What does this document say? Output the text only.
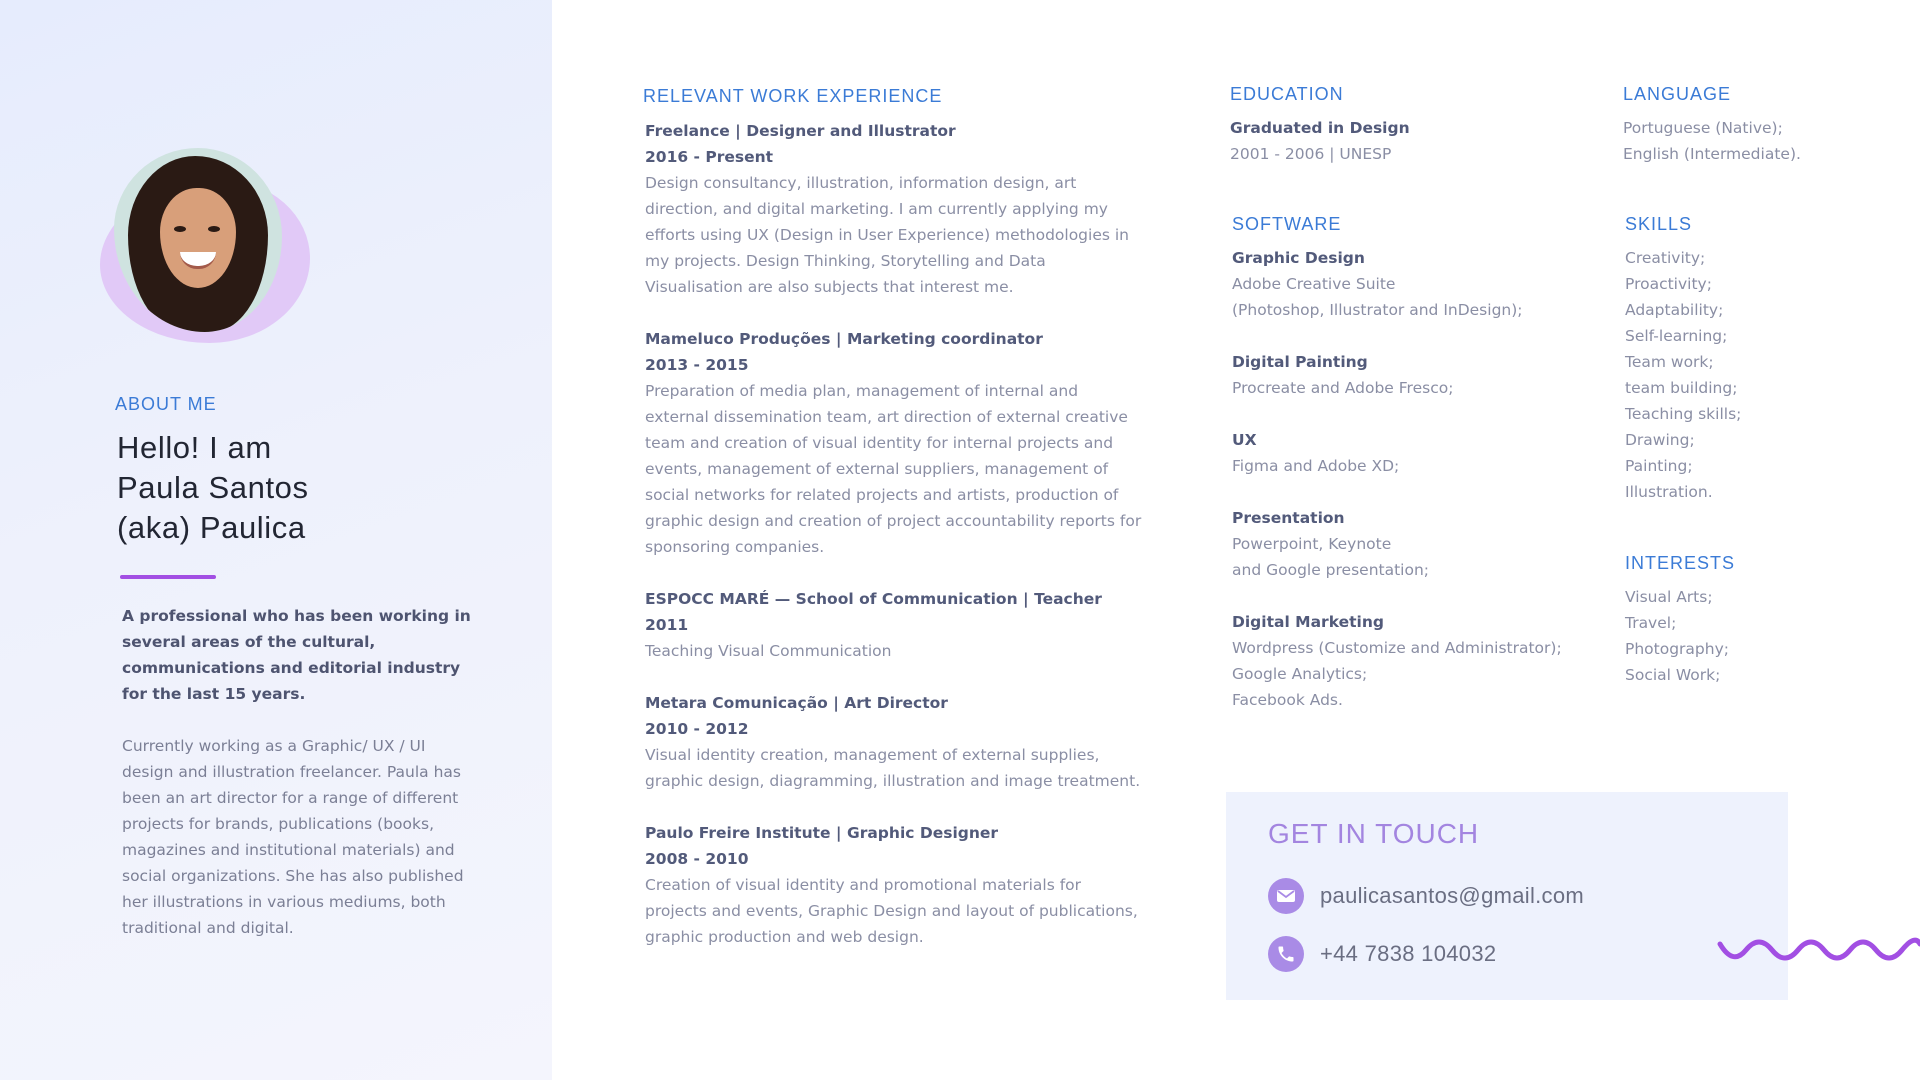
ABOUT ME
Hello! I am
Paula Santos
(aka) Paulica

A professional who has been working in several areas of the cultural, communications and editorial industry for the last 15 years.

Currently working as a Graphic/ UX / UI design and illustration freelancer. Paula has been an art director for a range of different projects for brands, publications (books, magazines and institutional materials) and social organizations. She has also published her illustrations in various mediums, both traditional and digital.

RELEVANT WORK EXPERIENCE
Freelance | Designer and Illustrator
2016 - Present
Design consultancy, illustration, information design, art direction, and digital marketing. I am currently applying my efforts using UX (Design in User Experience) methodologies in my projects. Design Thinking, Storytelling and Data Visualisation are also subjects that interest me.
Mameluco Produções | Marketing coordinator
2013 - 2015
Preparation of media plan, management of internal and external dissemination team, art direction of external creative team and creation of visual identity for internal projects and events, management of external suppliers, management of social networks for related projects and artists, production of graphic design and creation of project accountability reports for sponsoring companies.
ESPOCC MARÉ — School of Communication | Teacher
2011
Teaching Visual Communication
Metara Comunicação | Art Director
2010 - 2012
Visual identity creation, management of external supplies, graphic design, diagramming, illustration and image treatment.
Paulo Freire Institute | Graphic Designer
2008 - 2010
Creation of visual identity and promotional materials for projects and events, Graphic Design and layout of publications, graphic production and web design.
EDUCATION
Graduated in Design
2001 - 2006 | UNESP
SOFTWARE
Graphic Design
Adobe Creative Suite
(Photoshop, Illustrator and InDesign);
Digital Painting
Procreate and Adobe Fresco;
UX
Figma and Adobe XD;
Presentation
Powerpoint, Keynote
and Google presentation;
Digital Marketing
Wordpress (Customize and Administrator);
Google Analytics;
Facebook Ads.
LANGUAGE
Portuguese (Native);
English (Intermediate).
SKILLS
Creativity;
Proactivity;
Adaptability;
Self-learning;
Team work;
team building;
Teaching skills;
Drawing;
Painting;
Illustration.
INTERESTS
Visual Arts;
Travel;
Photography;
Social Work;
GET IN TOUCH
paulicasantos@gmail.com
+44 7838 104032
